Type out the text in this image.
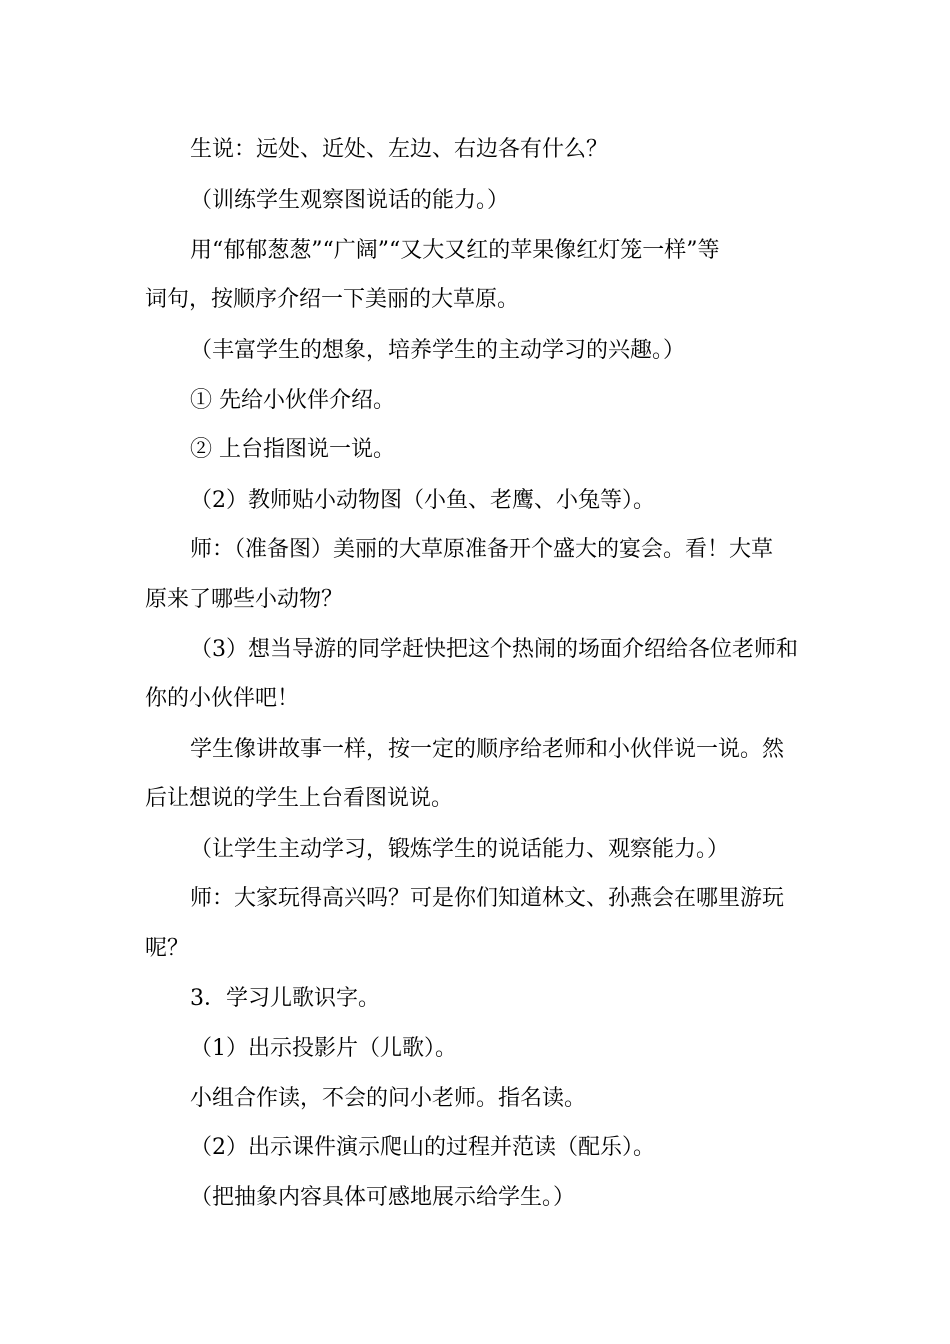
生说：远处、近处、左边、右边各有什么？
（训练学生观察图说话的能力。）
用“郁郁葱葱”“广阔”“又大又红的苹果像红灯笼一样”等
词句，按顺序介绍一下美丽的大草原。
（丰富学生的想象，培养学生的主动学习的兴趣。）
① 先给小伙伴介绍。
② 上台指图说一说。
（2）教师贴小动物图（小鱼、老鹰、小兔等）。
师：（准备图）美丽的大草原准备开个盛大的宴会。看！大草
原来了哪些小动物？
（3）想当导游的同学赶快把这个热闹的场面介绍给各位老师和
你的小伙伴吧！
学生像讲故事一样，按一定的顺序给老师和小伙伴说一说。然
后让想说的学生上台看图说说。
（让学生主动学习，锻炼学生的说话能力、观察能力。）
师：大家玩得高兴吗？可是你们知道林文、孙燕会在哪里游玩
呢？
3．学习儿歌识字。
（1）出示投影片（儿歌）。
小组合作读，不会的问小老师。指名读。
（2）出示课件演示爬山的过程并范读（配乐）。
（把抽象内容具体可感地展示给学生。）
